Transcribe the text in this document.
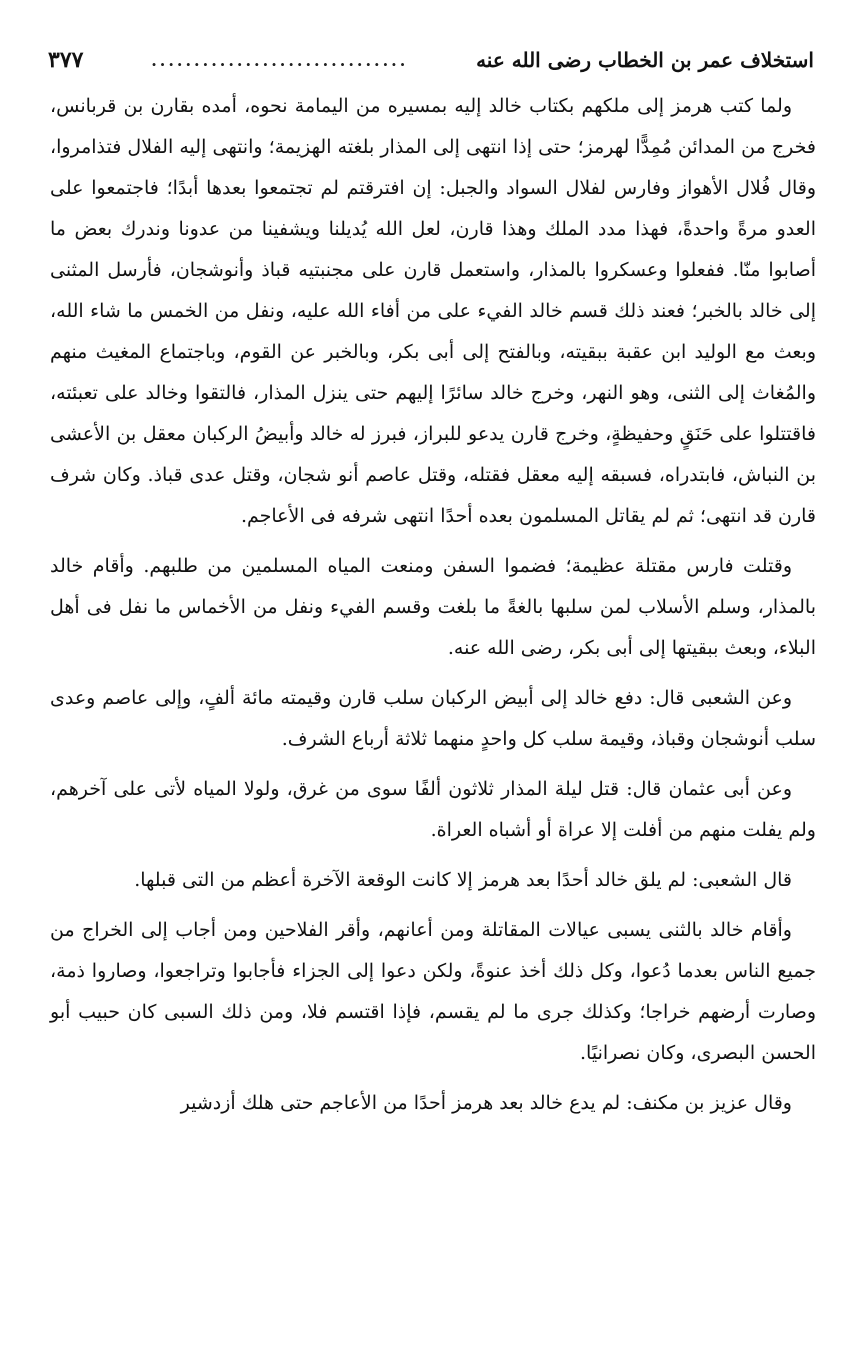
استخلاف عمر بن الخطاب رضى الله عنه
..............................
٣٧٧

ولما كتب هرمز إلى ملكهم بكتاب خالد إليه بمسيره من اليمامة نحوه، أمده بقارن بن قربانس، فخرج من المدائن مُمِدًّا لهرمز؛ حتى إذا انتهى إلى المذار بلغته الهزيمة؛ وانتهى إليه الفلال فتذامروا، وقال فُلال الأهواز وفارس لفلال السواد والجبل: إن افترقتم لم تجتمعوا بعدها أبدًا؛ فاجتمعوا على العدو مرةً واحدةً، فهذا مدد الملك وهذا قارن، لعل الله يُديلنا ويشفينا من عدونا وندرك بعض ما أصابوا منّا. ففعلوا وعسكروا بالمذار، واستعمل قارن على مجنبتيه قباذ وأنوشجان، فأرسل المثنى إلى خالد بالخبر؛ فعند ذلك قسم خالد الفيء على من أفاء الله عليه، ونفل من الخمس ما شاء الله، وبعث مع الوليد ابن عقبة ببقيته، وبالفتح إلى أبى بكر، وبالخبر عن القوم، وباجتماع المغيث منهم والمُغاث إلى الثنى، وهو النهر، وخرج خالد سائرًا إليهم حتى ينزل المذار، فالتقوا وخالد على تعبئته، فاقتتلوا على حَنَقٍ وحفيظةٍ، وخرج قارن يدعو للبراز، فبرز له خالد وأبيضُ الركبان معقل بن الأعشى بن النباش، فابتدراه، فسبقه إليه معقل فقتله، وقتل عاصم أنو شجان، وقتل عدى قباذ. وكان شرف قارن قد انتهى؛ ثم لم يقاتل المسلمون بعده أحدًا انتهى شرفه فى الأعاجم.

وقتلت فارس مقتلة عظيمة؛ فضموا السفن ومنعت المياه المسلمين من طلبهم. وأقام خالد بالمذار، وسلم الأسلاب لمن سلبها بالغةً ما بلغت وقسم الفيء ونفل من الأخماس ما نفل فى أهل البلاء، وبعث ببقيتها إلى أبى بكر، رضى الله عنه.

وعن الشعبى قال: دفع خالد إلى أبيض الركبان سلب قارن وقيمته مائة ألفٍ، وإلى عاصم وعدى سلب أنوشجان وقباذ، وقيمة سلب كل واحدٍ منهما ثلاثة أرباع الشرف.

وعن أبى عثمان قال: قتل ليلة المذار ثلاثون ألفًا سوى من غرق، ولولا المياه لأتى على آخرهم، ولم يفلت منهم من أفلت إلا عراة أو أشباه العراة.

قال الشعبى: لم يلق خالد أحدًا بعد هرمز إلا كانت الوقعة الآخرة أعظم من التى قبلها.

وأقام خالد بالثنى يسبى عيالات المقاتلة ومن أعانهم، وأقر الفلاحين ومن أجاب إلى الخراج من جميع الناس بعدما دُعوا، وكل ذلك أخذ عنوةً، ولكن دعوا إلى الجزاء فأجابوا وتراجعوا، وصاروا ذمة، وصارت أرضهم خراجا؛ وكذلك جرى ما لم يقسم، فإذا اقتسم فلا، ومن ذلك السبى كان حبيب أبو الحسن البصرى، وكان نصرانيًا.

وقال عزيز بن مكنف: لم يدع خالد بعد هرمز أحدًا من الأعاجم حتى هلك أزدشير
